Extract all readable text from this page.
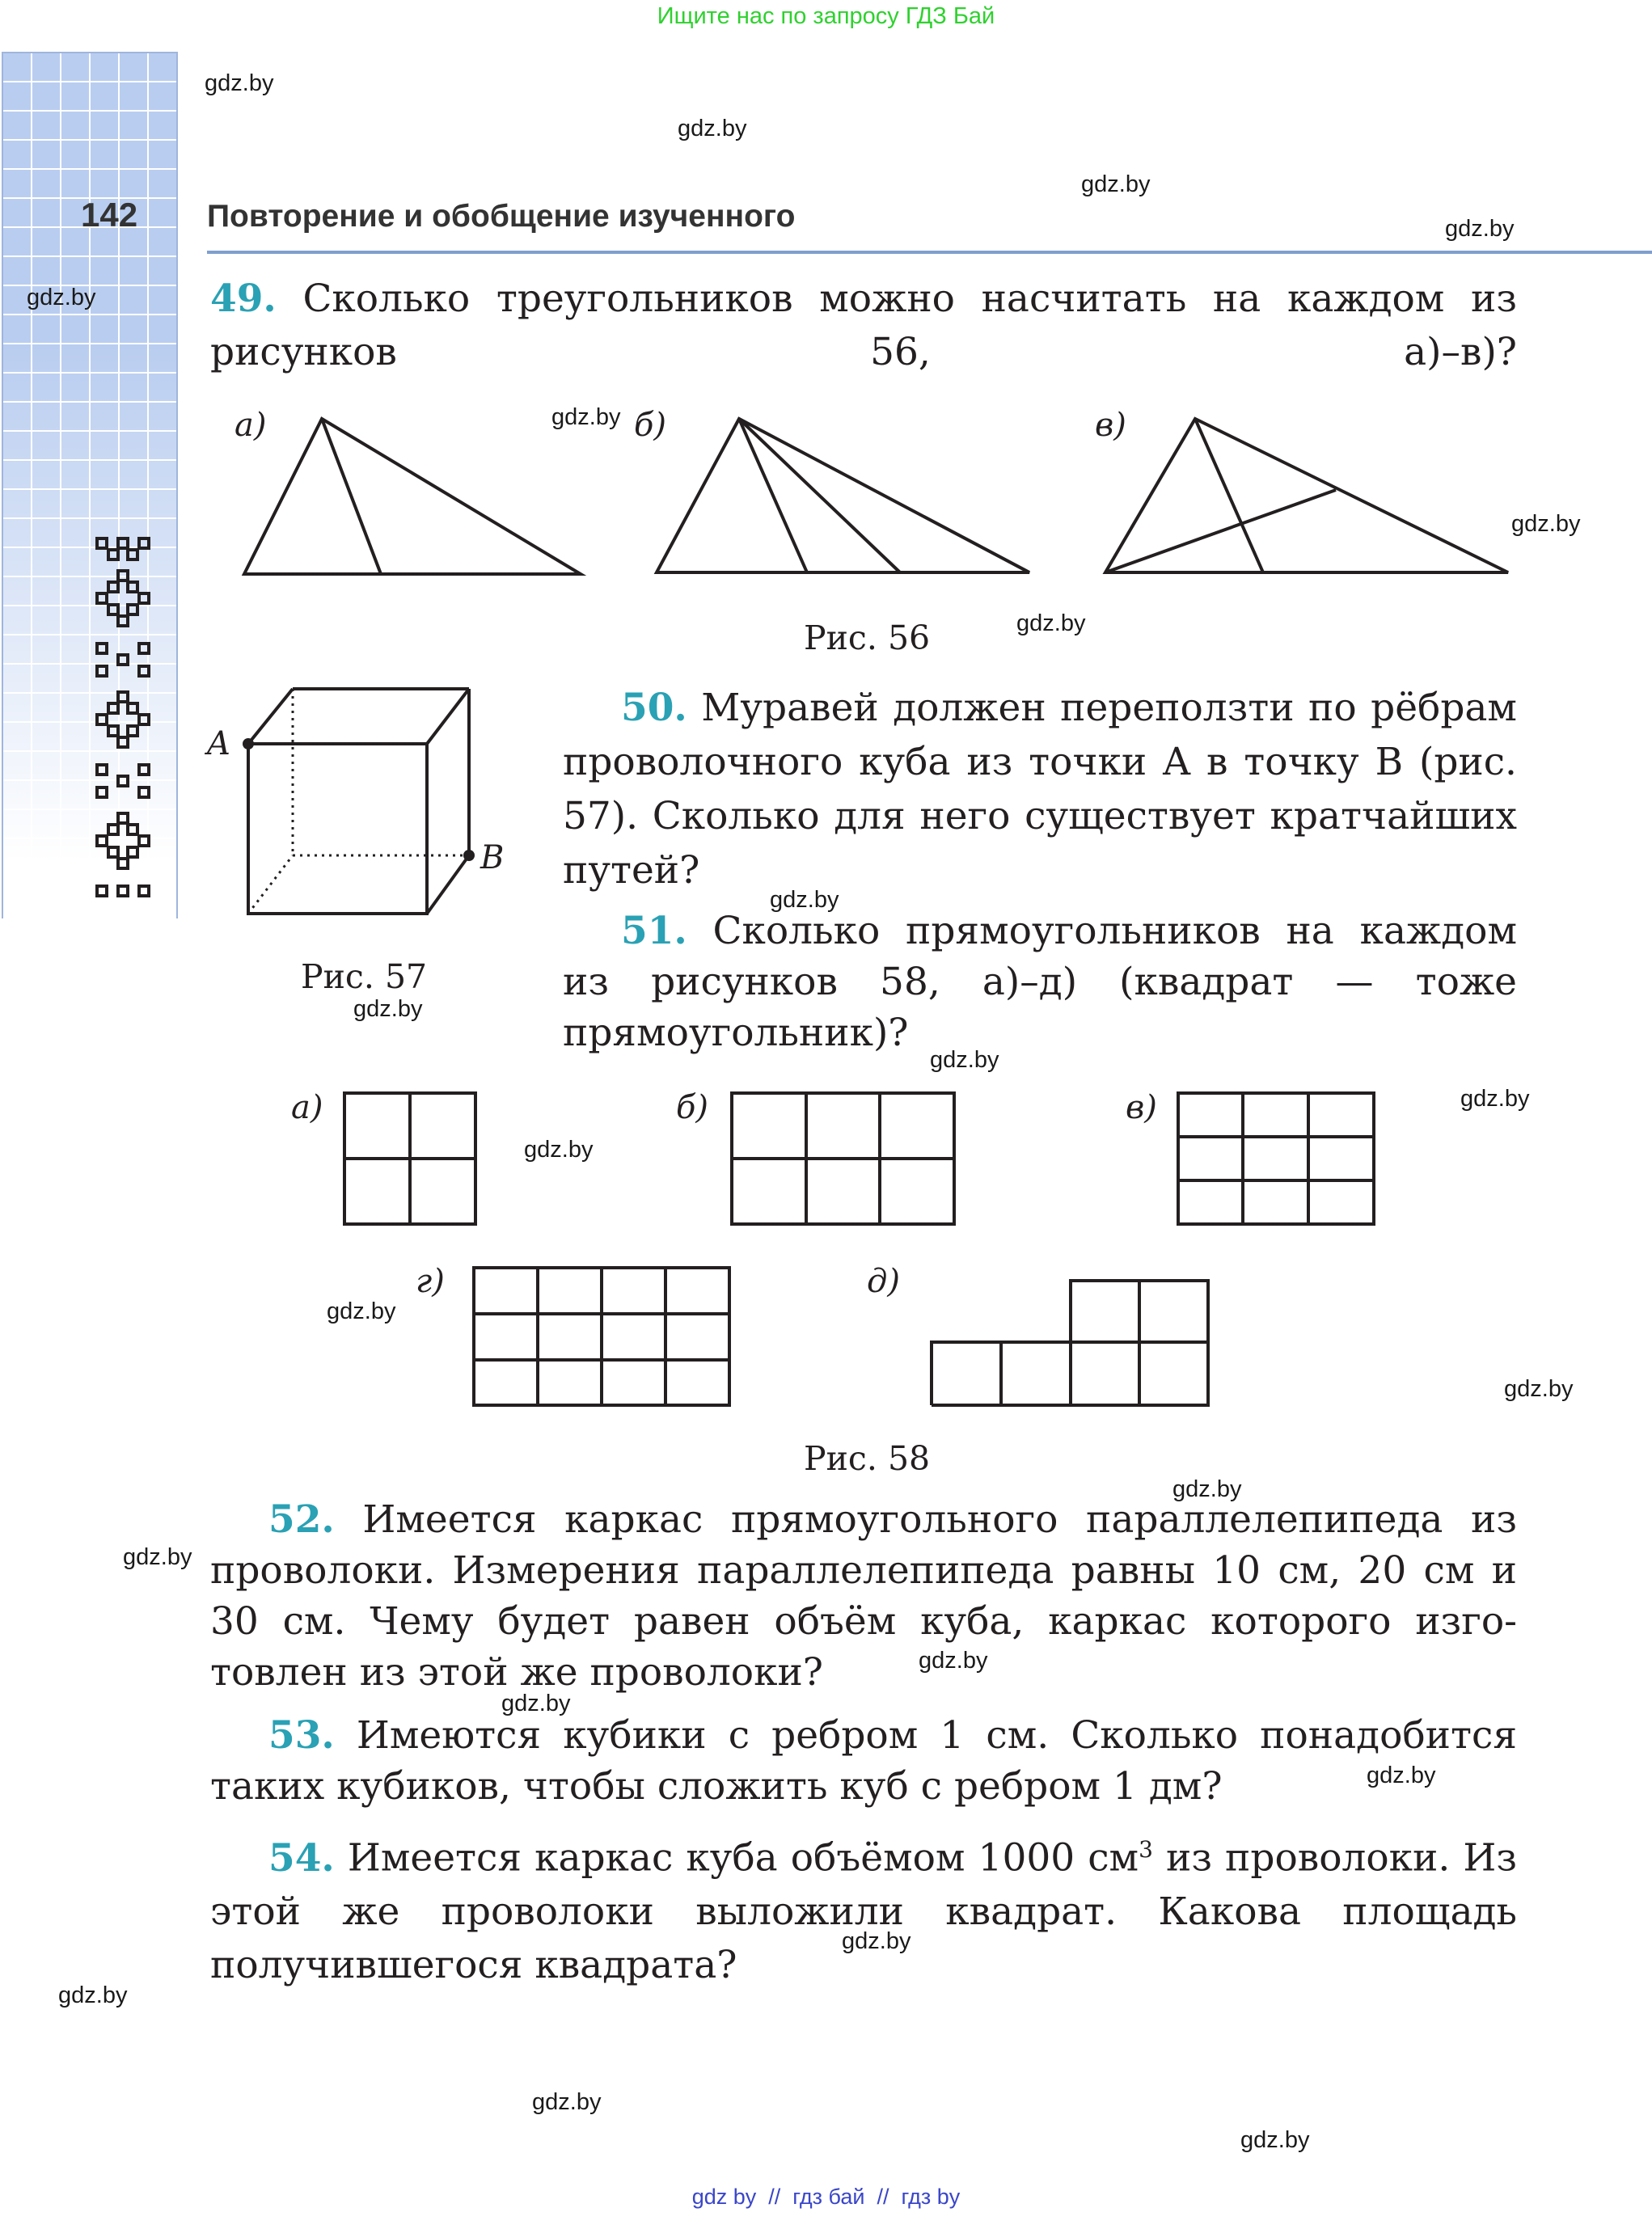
Ищите нас по запросу ГДЗ Бай
142 Повторение и обобщение изученного
gdz.by
gdz.by
gdz.by
gdz.by
gdz.by
gdz.by
gdz.by
gdz.by
gdz.by
gdz.by
gdz.by
gdz.by
gdz.by
gdz.by
gdz.by
gdz.by
gdz.by
gdz.by
gdz.by
gdz.by
gdz.by
gdz.by
gdz.by
gdz.by
49. Сколько треугольников можно насчитать на каждом из рисунков 56, а)–в)?
а)	б)	в)
Рис. 56
A
B
Рис. 57
50. Муравей должен переползти по рёбрам проволочного куба из точки A в точку B (рис. 57). Сколько для него существует кратчайших путей?
51. Сколько прямоугольников на каждом из рисунков 58, а)–д) (квадрат — тоже прямоугольник)?
а)	б)	в)
г)	д)
Рис. 58
52. Имеется каркас прямоугольного параллелепипеда из проволоки. Измерения параллелепипеда равны 10 см, 20 см и 30 см. Чему будет равен объём куба, каркас которого изго-товлен из этой же проволоки?
53. Имеются кубики с ребром 1 см. Сколько понадобится таких кубиков, чтобы сложить куб с ребром 1 дм?
54. Имеется каркас куба объёмом 1000 $см^3$ из проволоки. Из этой же проволоки выложили квадрат. Какова площадь получившегося квадрата?
gdz by  //  гдз бай  //  гдз by
